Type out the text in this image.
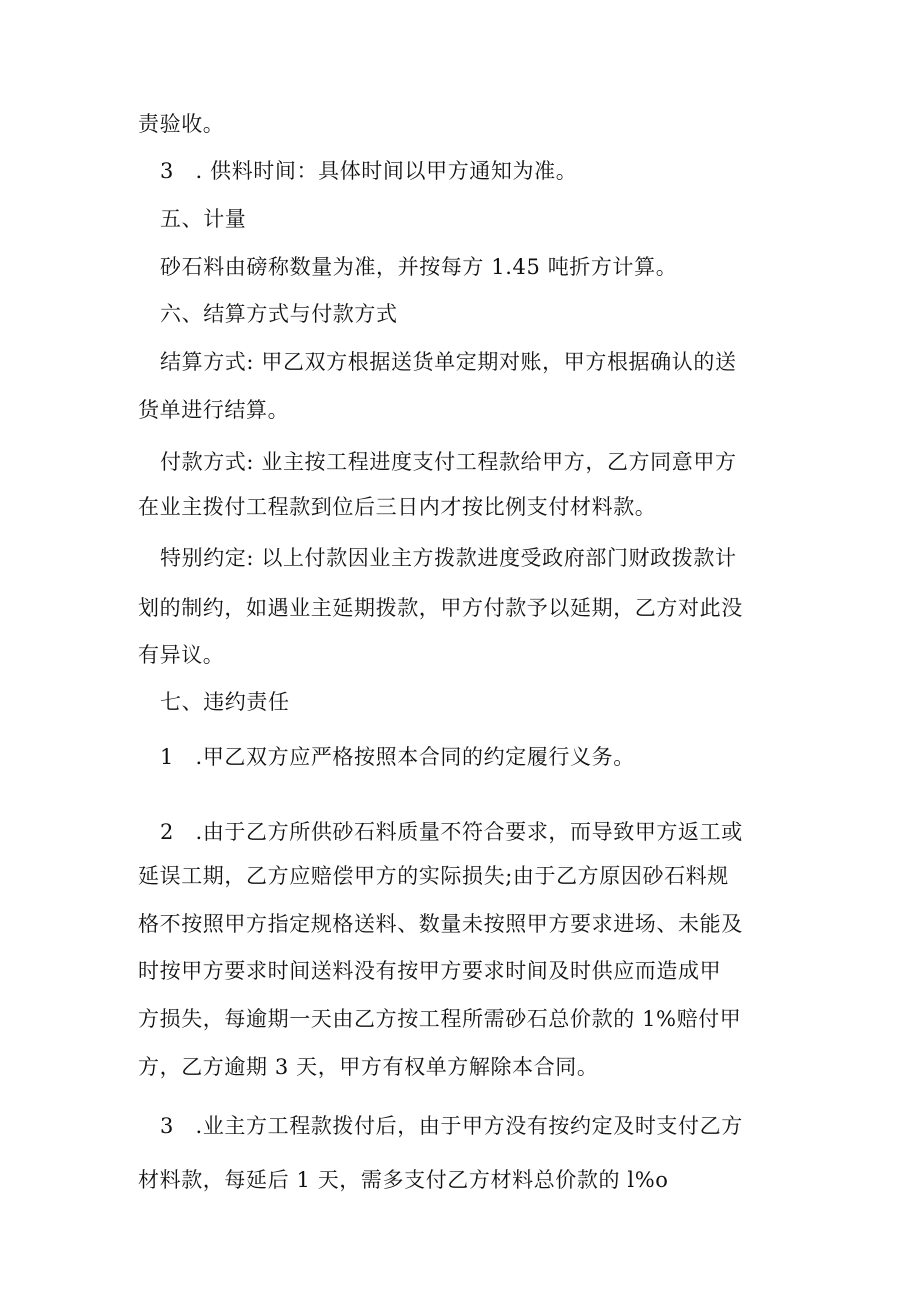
责验收。
3　. 供料时间：具体时间以甲方通知为准。
五、计量
砂石料由磅称数量为准，并按每方 1.45 吨折方计算。
六、结算方式与付款方式
结算方式: 甲乙双方根据送货单定期对账，甲方根据确认的送
货单进行结算。
付款方式: 业主按工程进度支付工程款给甲方，乙方同意甲方
在业主拨付工程款到位后三日内才按比例支付材料款。
特别约定: 以上付款因业主方拨款进度受政府部门财政拨款计
划的制约，如遇业主延期拨款，甲方付款予以延期，乙方对此没
有异议。
七、违约责任
1　.甲乙双方应严格按照本合同的约定履行义务。
2　.由于乙方所供砂石料质量不符合要求，而导致甲方返工或
延误工期，乙方应赔偿甲方的实际损失;由于乙方原因砂石料规
格不按照甲方指定规格送料、数量未按照甲方要求进场、未能及
时按甲方要求时间送料没有按甲方要求时间及时供应而造成甲
方损失，每逾期一天由乙方按工程所需砂石总价款的 1%赔付甲
方，乙方逾期 3 天，甲方有权单方解除本合同。
3　.业主方工程款拨付后，由于甲方没有按约定及时支付乙方
材料款，每延后 1 天，需多支付乙方材料总价款的 l%o
